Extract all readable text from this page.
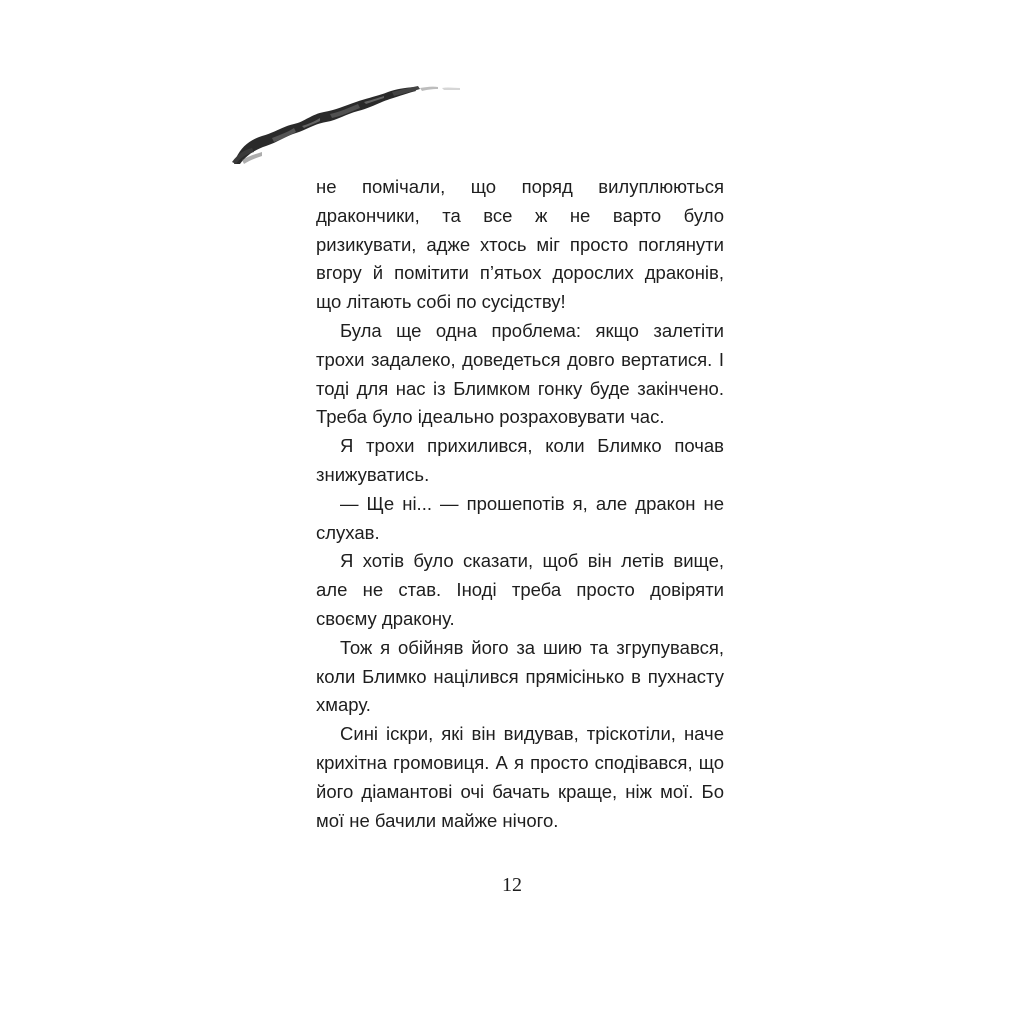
не помічали, що поряд вилуплюються дракончики, та все ж не варто було ризикувати, адже хтось міг просто поглянути вгору й помітити п’ятьох дорослих драконів, що літають собі по сусідству!

Була ще одна проблема: якщо залетіти трохи задалеко, доведеться довго вертатися. І тоді для нас із Блимком гонку буде закінчено. Треба було ідеально розраховувати час.

Я трохи прихилився, коли Блимко почав знижуватись.

— Ще ні... — прошепотів я, але дракон не слухав.

Я хотів було сказати, щоб він летів вище, але не став. Іноді треба просто довіряти своєму дракону.

Тож я обійняв його за шию та згрупувався, коли Блимко націлився прямісінько в пухнасту хмару.

Сині іскри, які він видував, тріскотіли, наче крихітна громовиця. А я просто сподівався, що його діамантові очі бачать краще, ніж мої. Бо мої не бачили майже нічого.

12
